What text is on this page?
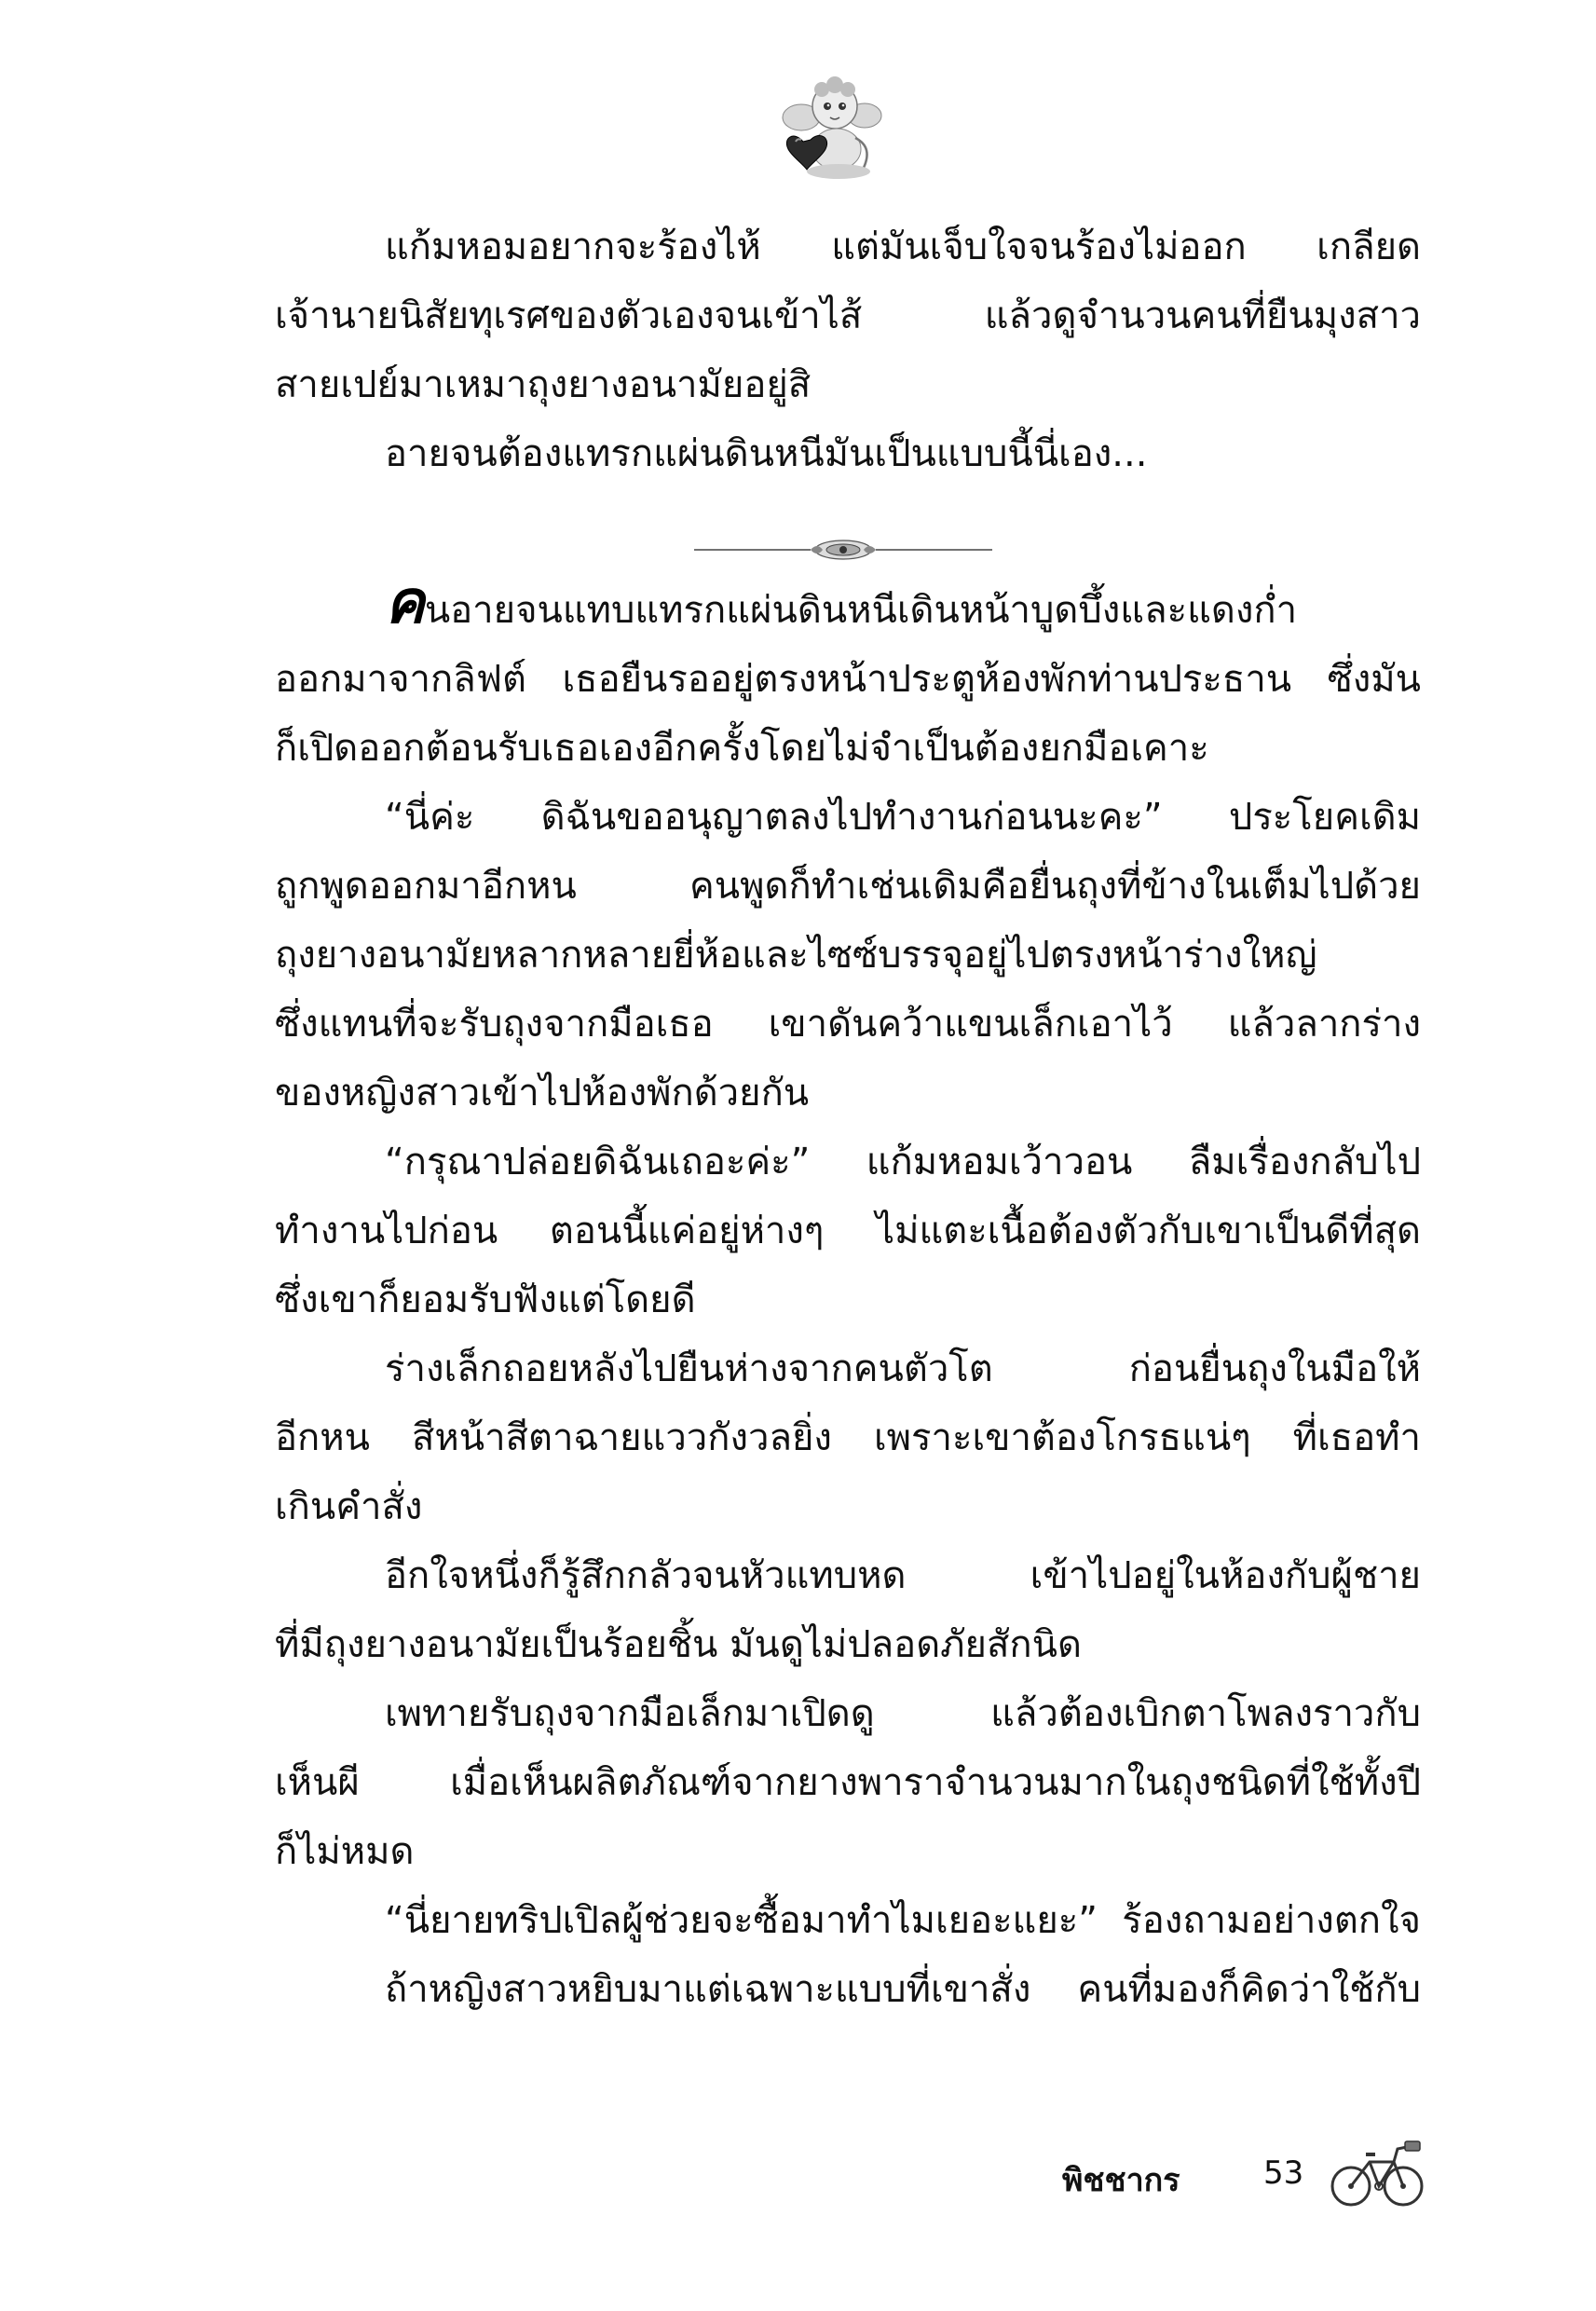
แก้มหอมอยากจะร้องไห้ แต่มันเจ็บใจจนร้องไม่ออก เกลียด
เจ้านายนิสัยทุเรศของตัวเองจนเข้าไส้ แล้วดูจำนวนคนที่ยืนมุงสาว
สายเปย์มาเหมาถุงยางอนามัยอยู่สิ
อายจนต้องแทรกแผ่นดินหนีมันเป็นแบบนี้นี่เอง...
คนอายจนแทบแทรกแผ่นดินหนีเดินหน้าบูดบึ้งและแดงก่ำ
ออกมาจากลิฟต์ เธอยืนรออยู่ตรงหน้าประตูห้องพักท่านประธาน ซึ่งมัน
ก็เปิดออกต้อนรับเธอเองอีกครั้งโดยไม่จำเป็นต้องยกมือเคาะ
“นี่ค่ะ ดิฉันขออนุญาตลงไปทำงานก่อนนะคะ” ประโยคเดิม
ถูกพูดออกมาอีกหน คนพูดก็ทำเช่นเดิมคือยื่นถุงที่ข้างในเต็มไปด้วย
ถุงยางอนามัยหลากหลายยี่ห้อและไซซ์บรรจุอยู่ไปตรงหน้าร่างใหญ่
ซึ่งแทนที่จะรับถุงจากมือเธอ เขาดันคว้าแขนเล็กเอาไว้ แล้วลากร่าง
ของหญิงสาวเข้าไปห้องพักด้วยกัน
“กรุณาปล่อยดิฉันเถอะค่ะ” แก้มหอมเว้าวอน ลืมเรื่องกลับไป
ทำงานไปก่อน ตอนนี้แค่อยู่ห่างๆ ไม่แตะเนื้อต้องตัวกับเขาเป็นดีที่สุด
ซึ่งเขาก็ยอมรับฟังแต่โดยดี
ร่างเล็กถอยหลังไปยืนห่างจากคนตัวโต ก่อนยื่นถุงในมือให้
อีกหน สีหน้าสีตาฉายแววกังวลยิ่ง เพราะเขาต้องโกรธแน่ๆ ที่เธอทำ
เกินคำสั่ง
อีกใจหนึ่งก็รู้สึกกลัวจนหัวแทบหด เข้าไปอยู่ในห้องกับผู้ชาย
ที่มีถุงยางอนามัยเป็นร้อยชิ้น มันดูไม่ปลอดภัยสักนิด
เพทายรับถุงจากมือเล็กมาเปิดดู แล้วต้องเบิกตาโพลงราวกับ
เห็นผี เมื่อเห็นผลิตภัณฑ์จากยางพาราจำนวนมากในถุงชนิดที่ใช้ทั้งปี
ก็ไม่หมด
“นี่ยายทริปเปิลผู้ช่วยจะซื้อมาทำไมเยอะแยะ” ร้องถามอย่างตกใจ
ถ้าหญิงสาวหยิบมาแต่เฉพาะแบบที่เขาสั่ง คนที่มองก็คิดว่าใช้กับ
พิชชากร	53
